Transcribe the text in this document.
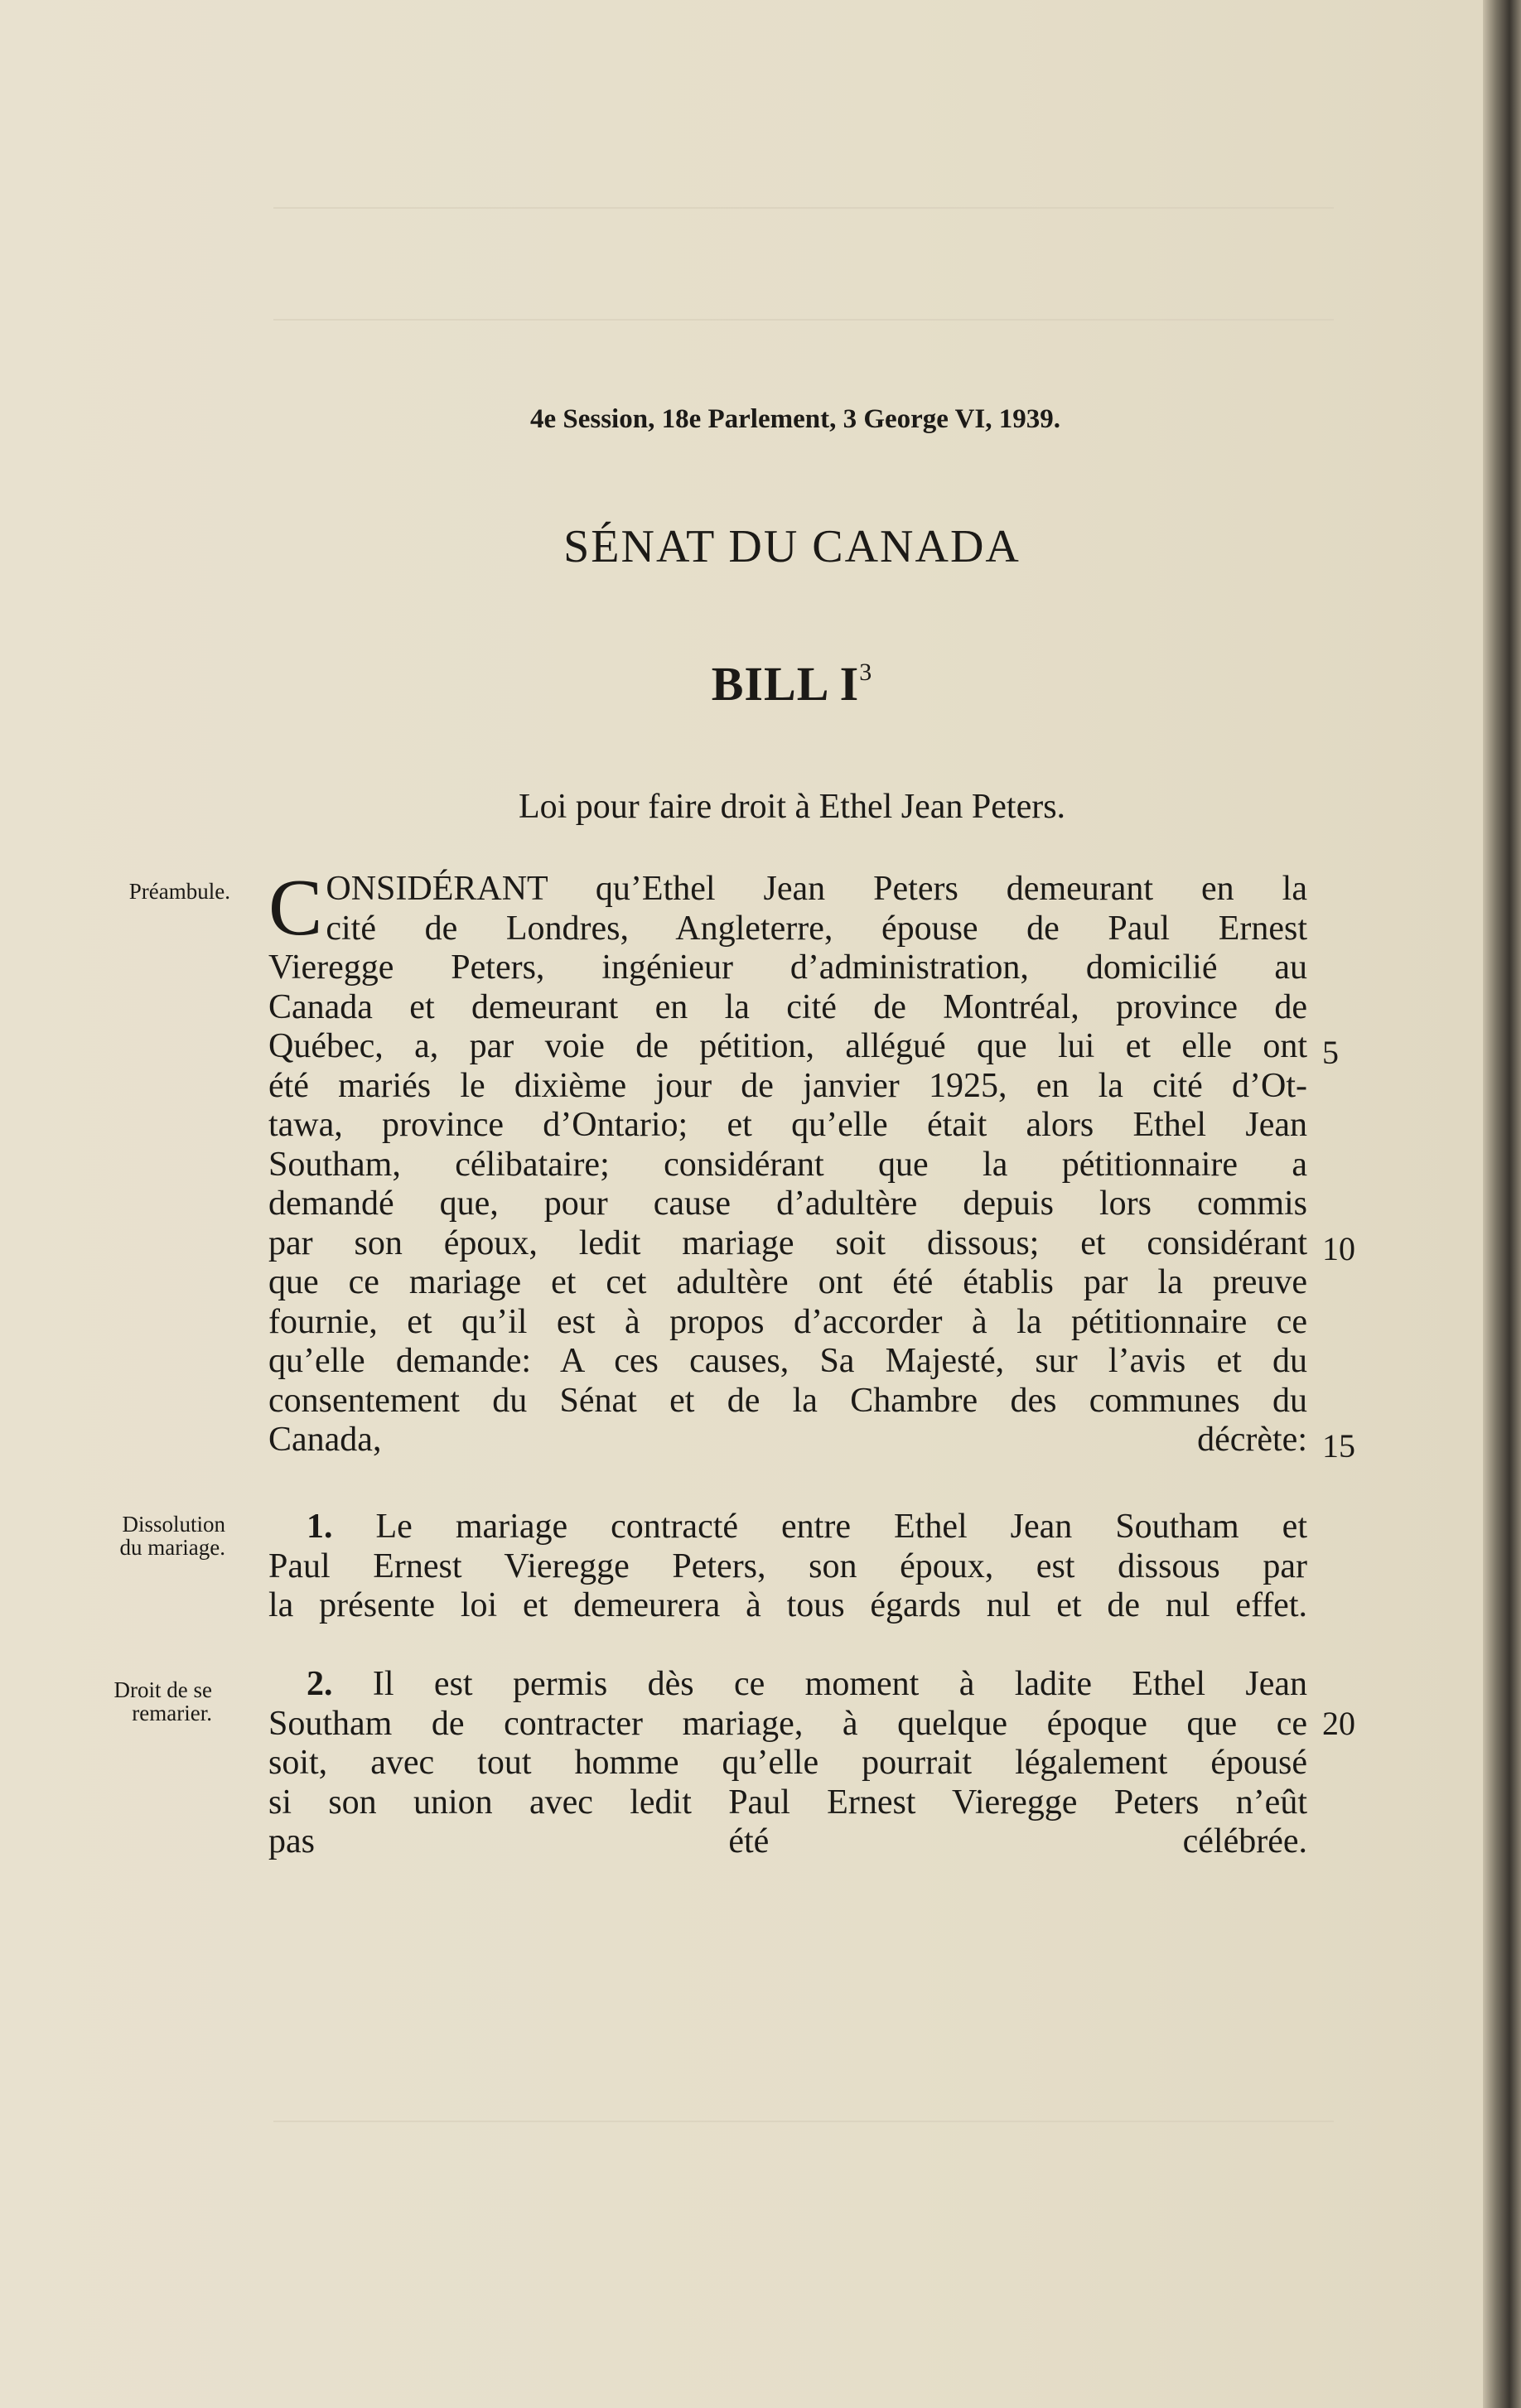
4e Session, 18e Parlement, 3 George VI, 1939.
SÉNAT DU CANADA
BILL $I^3$
Loi pour faire droit à Ethel Jean Peters.
Préambule.
Dissolution
du mariage.
Droit de se
remarier.
C ONSIDÉRANT qu’Ethel Jean Peters demeurant en la
cité de Londres, Angleterre, épouse de Paul Ernest
Vieregge Peters, ingénieur d’administration, domicilié au
Canada et demeurant en la cité de Montréal, province de
Québec, a, par voie de pétition, allégué que lui et elle ont
été mariés le dixième jour de janvier 1925, en la cité d’Ot-
tawa, province d’Ontario; et qu’elle était alors Ethel Jean
Southam, célibataire; considérant que la pétitionnaire a
demandé que, pour cause d’adultère depuis lors commis
par son époux, ledit mariage soit dissous; et considérant
que ce mariage et cet adultère ont été établis par la preuve
fournie, et qu’il est à propos d’accorder à la pétitionnaire ce
qu’elle demande: A ces causes, Sa Majesté, sur l’avis et du
consentement du Sénat et de la Chambre des communes du
Canada, décrète:
1. Le mariage contracté entre Ethel Jean Southam et
Paul Ernest Vieregge Peters, son époux, est dissous par
la présente loi et demeurera à tous égards nul et de nul effet.
2. Il est permis dès ce moment à ladite Ethel Jean
Southam de contracter mariage, à quelque époque que ce
soit, avec tout homme qu’elle pourrait légalement épousé
si son union avec ledit Paul Ernest Vieregge Peters n’eût
pas été célébrée.
5
10
15
20
